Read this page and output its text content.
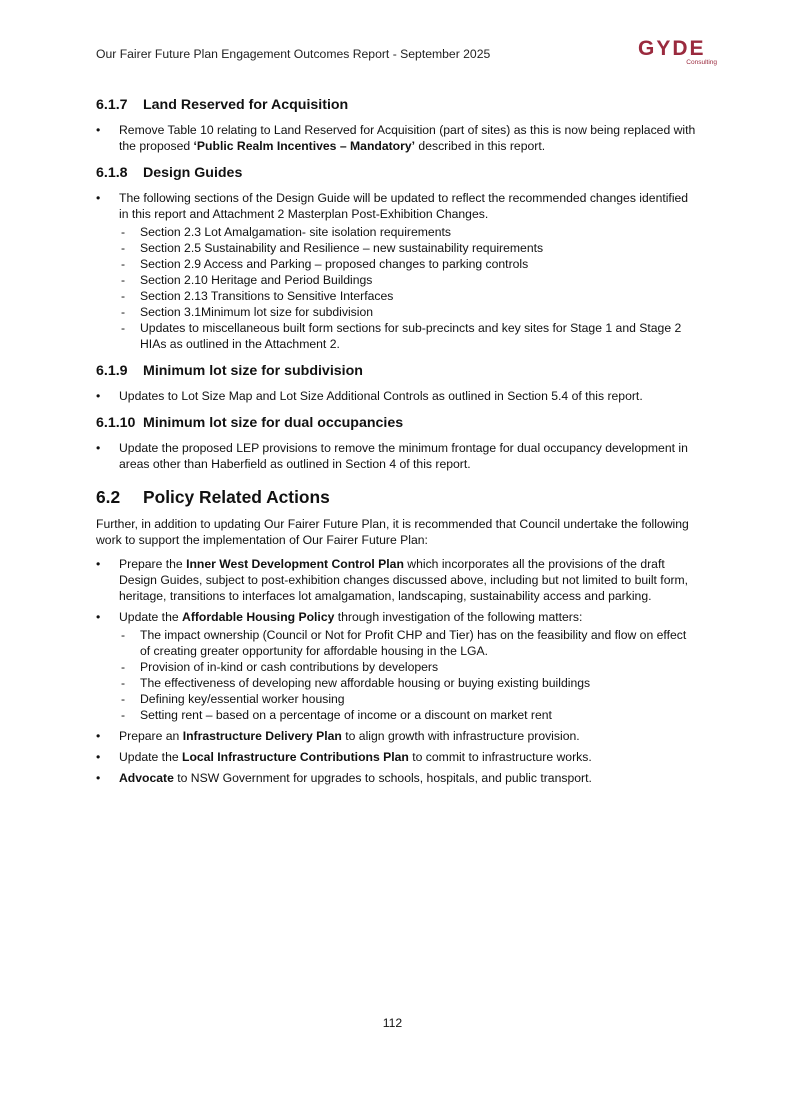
Our Fairer Future Plan Engagement Outcomes Report - September 2025	GYDE
Consulting
6.1.7 Land Reserved for Acquisition
• Remove Table 10 relating to Land Reserved for Acquisition (part of sites) as this is now being replaced with the proposed ‘Public Realm Incentives – Mandatory’ described in this report.
6.1.8 Design Guides
• The following sections of the Design Guide will be updated to reflect the recommended changes identified in this report and Attachment 2 Masterplan Post-Exhibition Changes.
- Section 2.3 Lot Amalgamation- site isolation requirements
- Section 2.5 Sustainability and Resilience – new sustainability requirements
- Section 2.9 Access and Parking – proposed changes to parking controls
- Section 2.10 Heritage and Period Buildings
- Section 2.13 Transitions to Sensitive Interfaces
- Section 3.1Minimum lot size for subdivision
- Updates to miscellaneous built form sections for sub-precincts and key sites for Stage 1 and Stage 2 HIAs as outlined in the Attachment 2.
6.1.9 Minimum lot size for subdivision
• Updates to Lot Size Map and Lot Size Additional Controls as outlined in Section 5.4 of this report.
6.1.10 Minimum lot size for dual occupancies
• Update the proposed LEP provisions to remove the minimum frontage for dual occupancy development in areas other than Haberfield as outlined in Section 4 of this report.
6.2 Policy Related Actions

Further, in addition to updating Our Fairer Future Plan, it is recommended that Council undertake the following work to support the implementation of Our Fairer Future Plan:

• Prepare the Inner West Development Control Plan which incorporates all the provisions of the draft Design Guides, subject to post-exhibition changes discussed above, including but not limited to built form, heritage, transitions to interfaces lot amalgamation, landscaping, sustainability access and parking.
• Update the Affordable Housing Policy through investigation of the following matters:
- The impact ownership (Council or Not for Profit CHP and Tier) has on the feasibility and flow on effect of creating greater opportunity for affordable housing in the LGA.
- Provision of in-kind or cash contributions by developers
- The effectiveness of developing new affordable housing or buying existing buildings
- Defining key/essential worker housing
- Setting rent – based on a percentage of income or a discount on market rent
• Prepare an Infrastructure Delivery Plan to align growth with infrastructure provision.
• Update the Local Infrastructure Contributions Plan to commit to infrastructure works.
• Advocate to NSW Government for upgrades to schools, hospitals, and public transport.
112
